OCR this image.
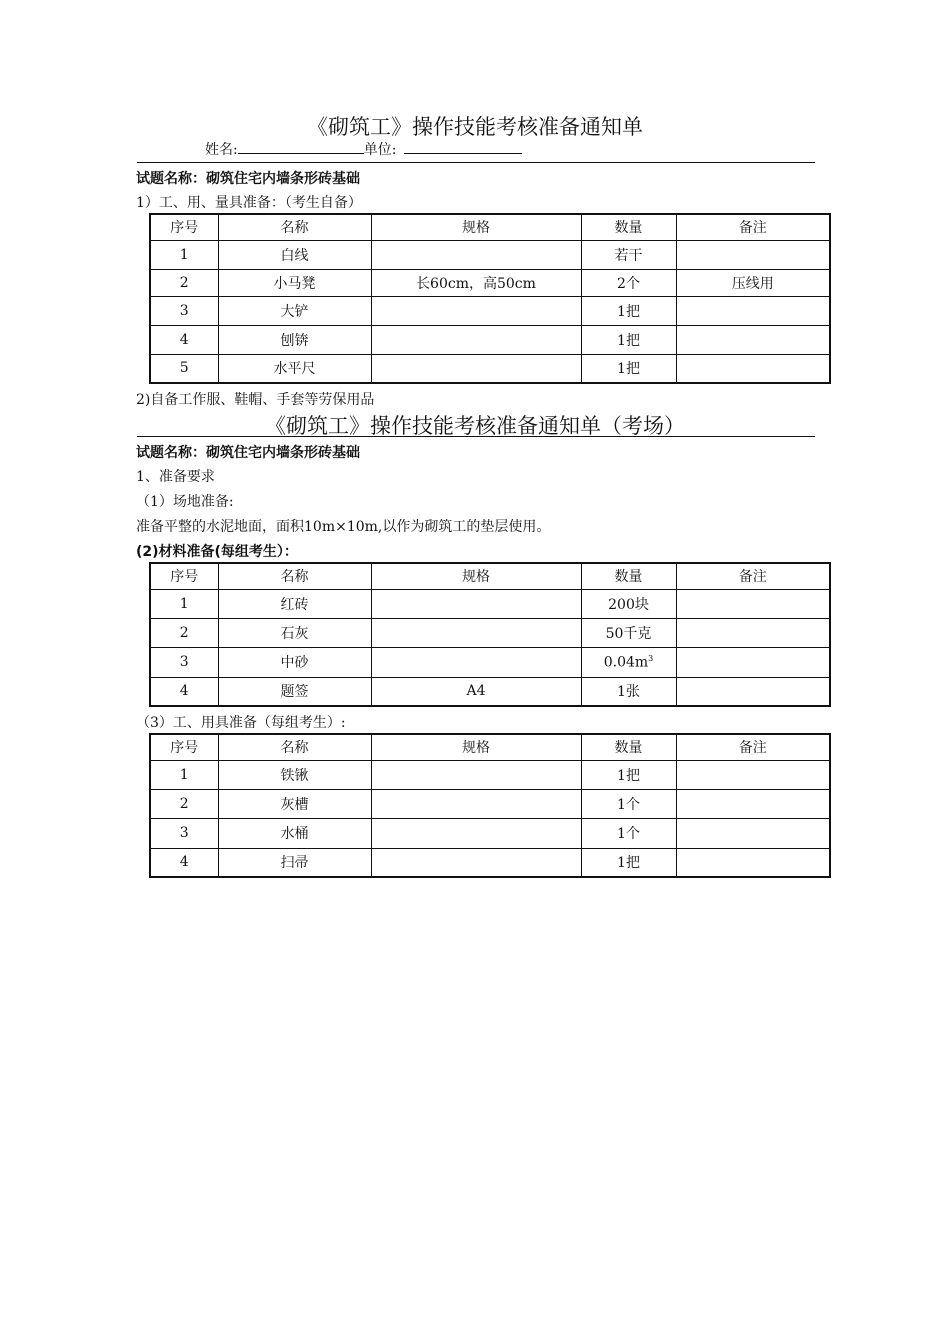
《砌筑工》操作技能考核准备通知单
姓名:	单位:
试题名称：砌筑住宅内墙条形砖基础
1）工、用、量具准备：（考生自备）
序号	名称	规格	数量	备注
1	白线		若干	
2	小马凳	长60cm，高50cm	2个	压线用
3	大铲		1把	
4	刨锛		1把	
5	水平尺		1把	
2)自备工作服、鞋帽、手套等劳保用品
《砌筑工》操作技能考核准备通知单（考场）
试题名称：砌筑住宅内墙条形砖基础
1、准备要求
（1）场地准备:
准备平整的水泥地面，面积10m×10m,以作为砌筑工的垫层使用。
(2)材料准备(每组考生）：
序号	名称	规格	数量	备注
1	红砖		200块	
2	石灰		50千克	
3	中砂		$0.04m^3$	
4	题签	A4	1张	
（3）工、用具准备（每组考生）:
序号	名称	规格	数量	备注
1	铁锹		1把	
2	灰槽		1个	
3	水桶		1个	
4	扫帚		1把	
